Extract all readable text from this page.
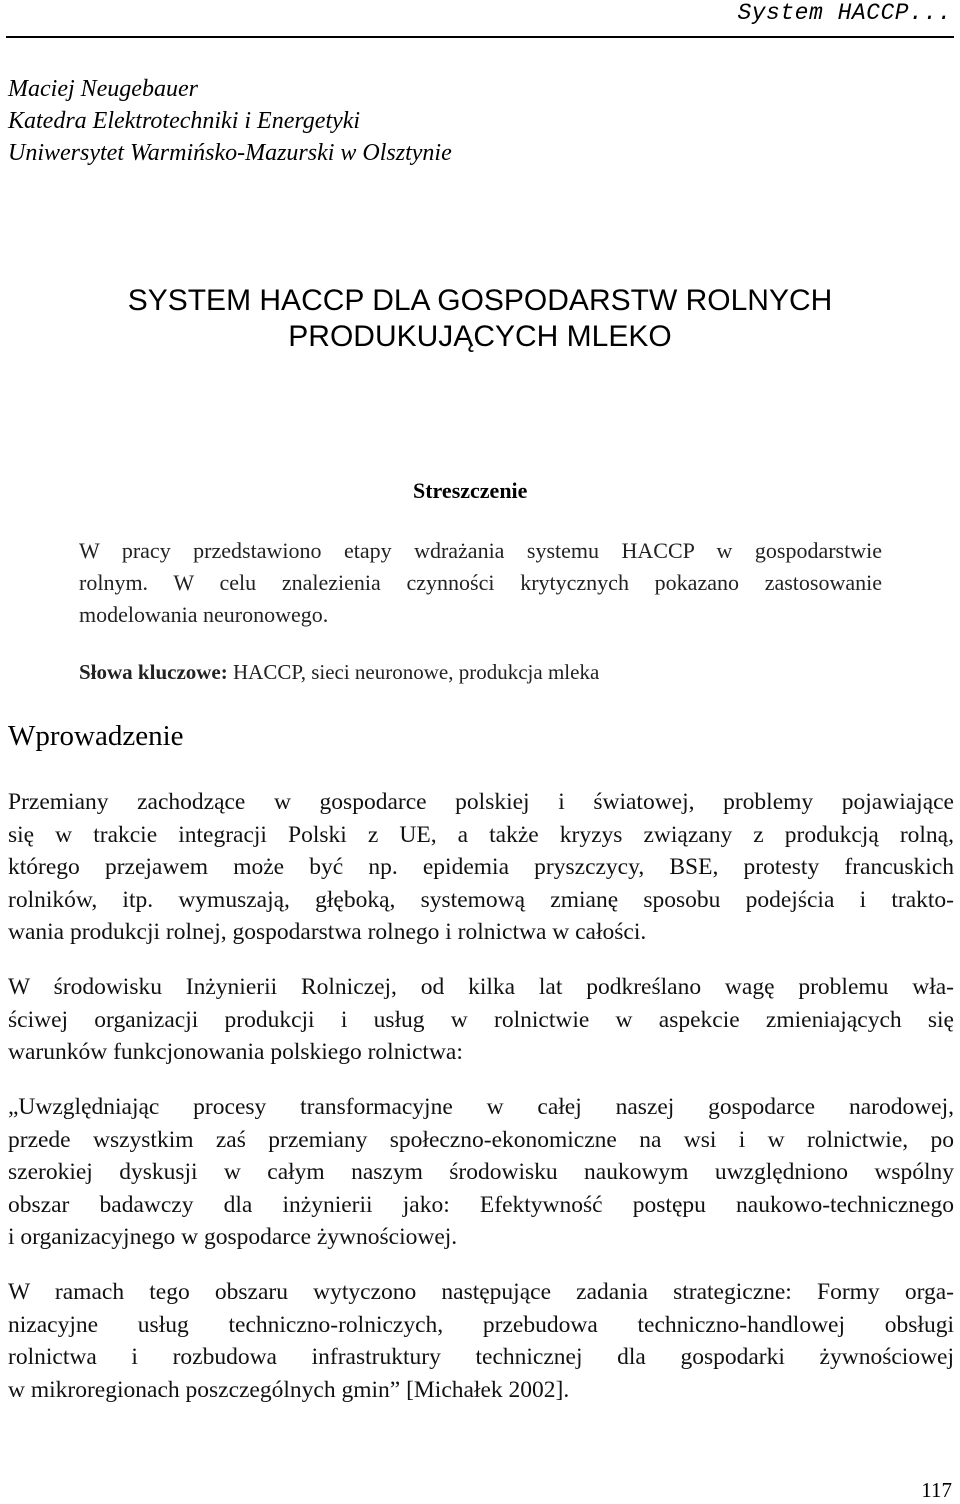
System HACCP...
Maciej Neugebauer
Katedra Elektrotechniki i Energetyki
Uniwersytet Warmińsko-Mazurski w Olsztynie
SYSTEM HACCP DLA GOSPODARSTW ROLNYCH
PRODUKUJĄCYCH MLEKO
Streszczenie
W pracy przedstawiono etapy wdrażania systemu HACCP w gospodarstwie
rolnym. W celu znalezienia czynności krytycznych pokazano zastosowanie
modelowania neuronowego.
Słowa kluczowe: HACCP, sieci neuronowe, produkcja mleka
Wprowadzenie
Przemiany zachodzące w gospodarce polskiej i światowej, problemy pojawiające
się w trakcie integracji Polski z UE, a także kryzys związany z produkcją rolną,
którego przejawem może być np. epidemia pryszczycy, BSE, protesty francuskich
rolników, itp. wymuszają, głęboką, systemową zmianę sposobu podejścia i trakto-
wania produkcji rolnej, gospodarstwa rolnego i rolnictwa w całości.
W środowisku Inżynierii Rolniczej, od kilka lat podkreślano wagę problemu wła-
ściwej organizacji produkcji i usług w rolnictwie w aspekcie zmieniających się
warunków funkcjonowania polskiego rolnictwa:
„Uwzględniając procesy transformacyjne w całej naszej gospodarce narodowej,
przede wszystkim zaś przemiany społeczno-ekonomiczne na wsi i w rolnictwie, po
szerokiej dyskusji w całym naszym środowisku naukowym uwzględniono wspólny
obszar badawczy dla inżynierii jako: Efektywność postępu naukowo-technicznego
i organizacyjnego w gospodarce żywnościowej.
W ramach tego obszaru wytyczono następujące zadania strategiczne: Formy orga-
nizacyjne usług techniczno-rolniczych, przebudowa techniczno-handlowej obsługi
rolnictwa i rozbudowa infrastruktury technicznej dla gospodarki żywnościowej
w mikroregionach poszczególnych gmin” [Michałek 2002].
117
